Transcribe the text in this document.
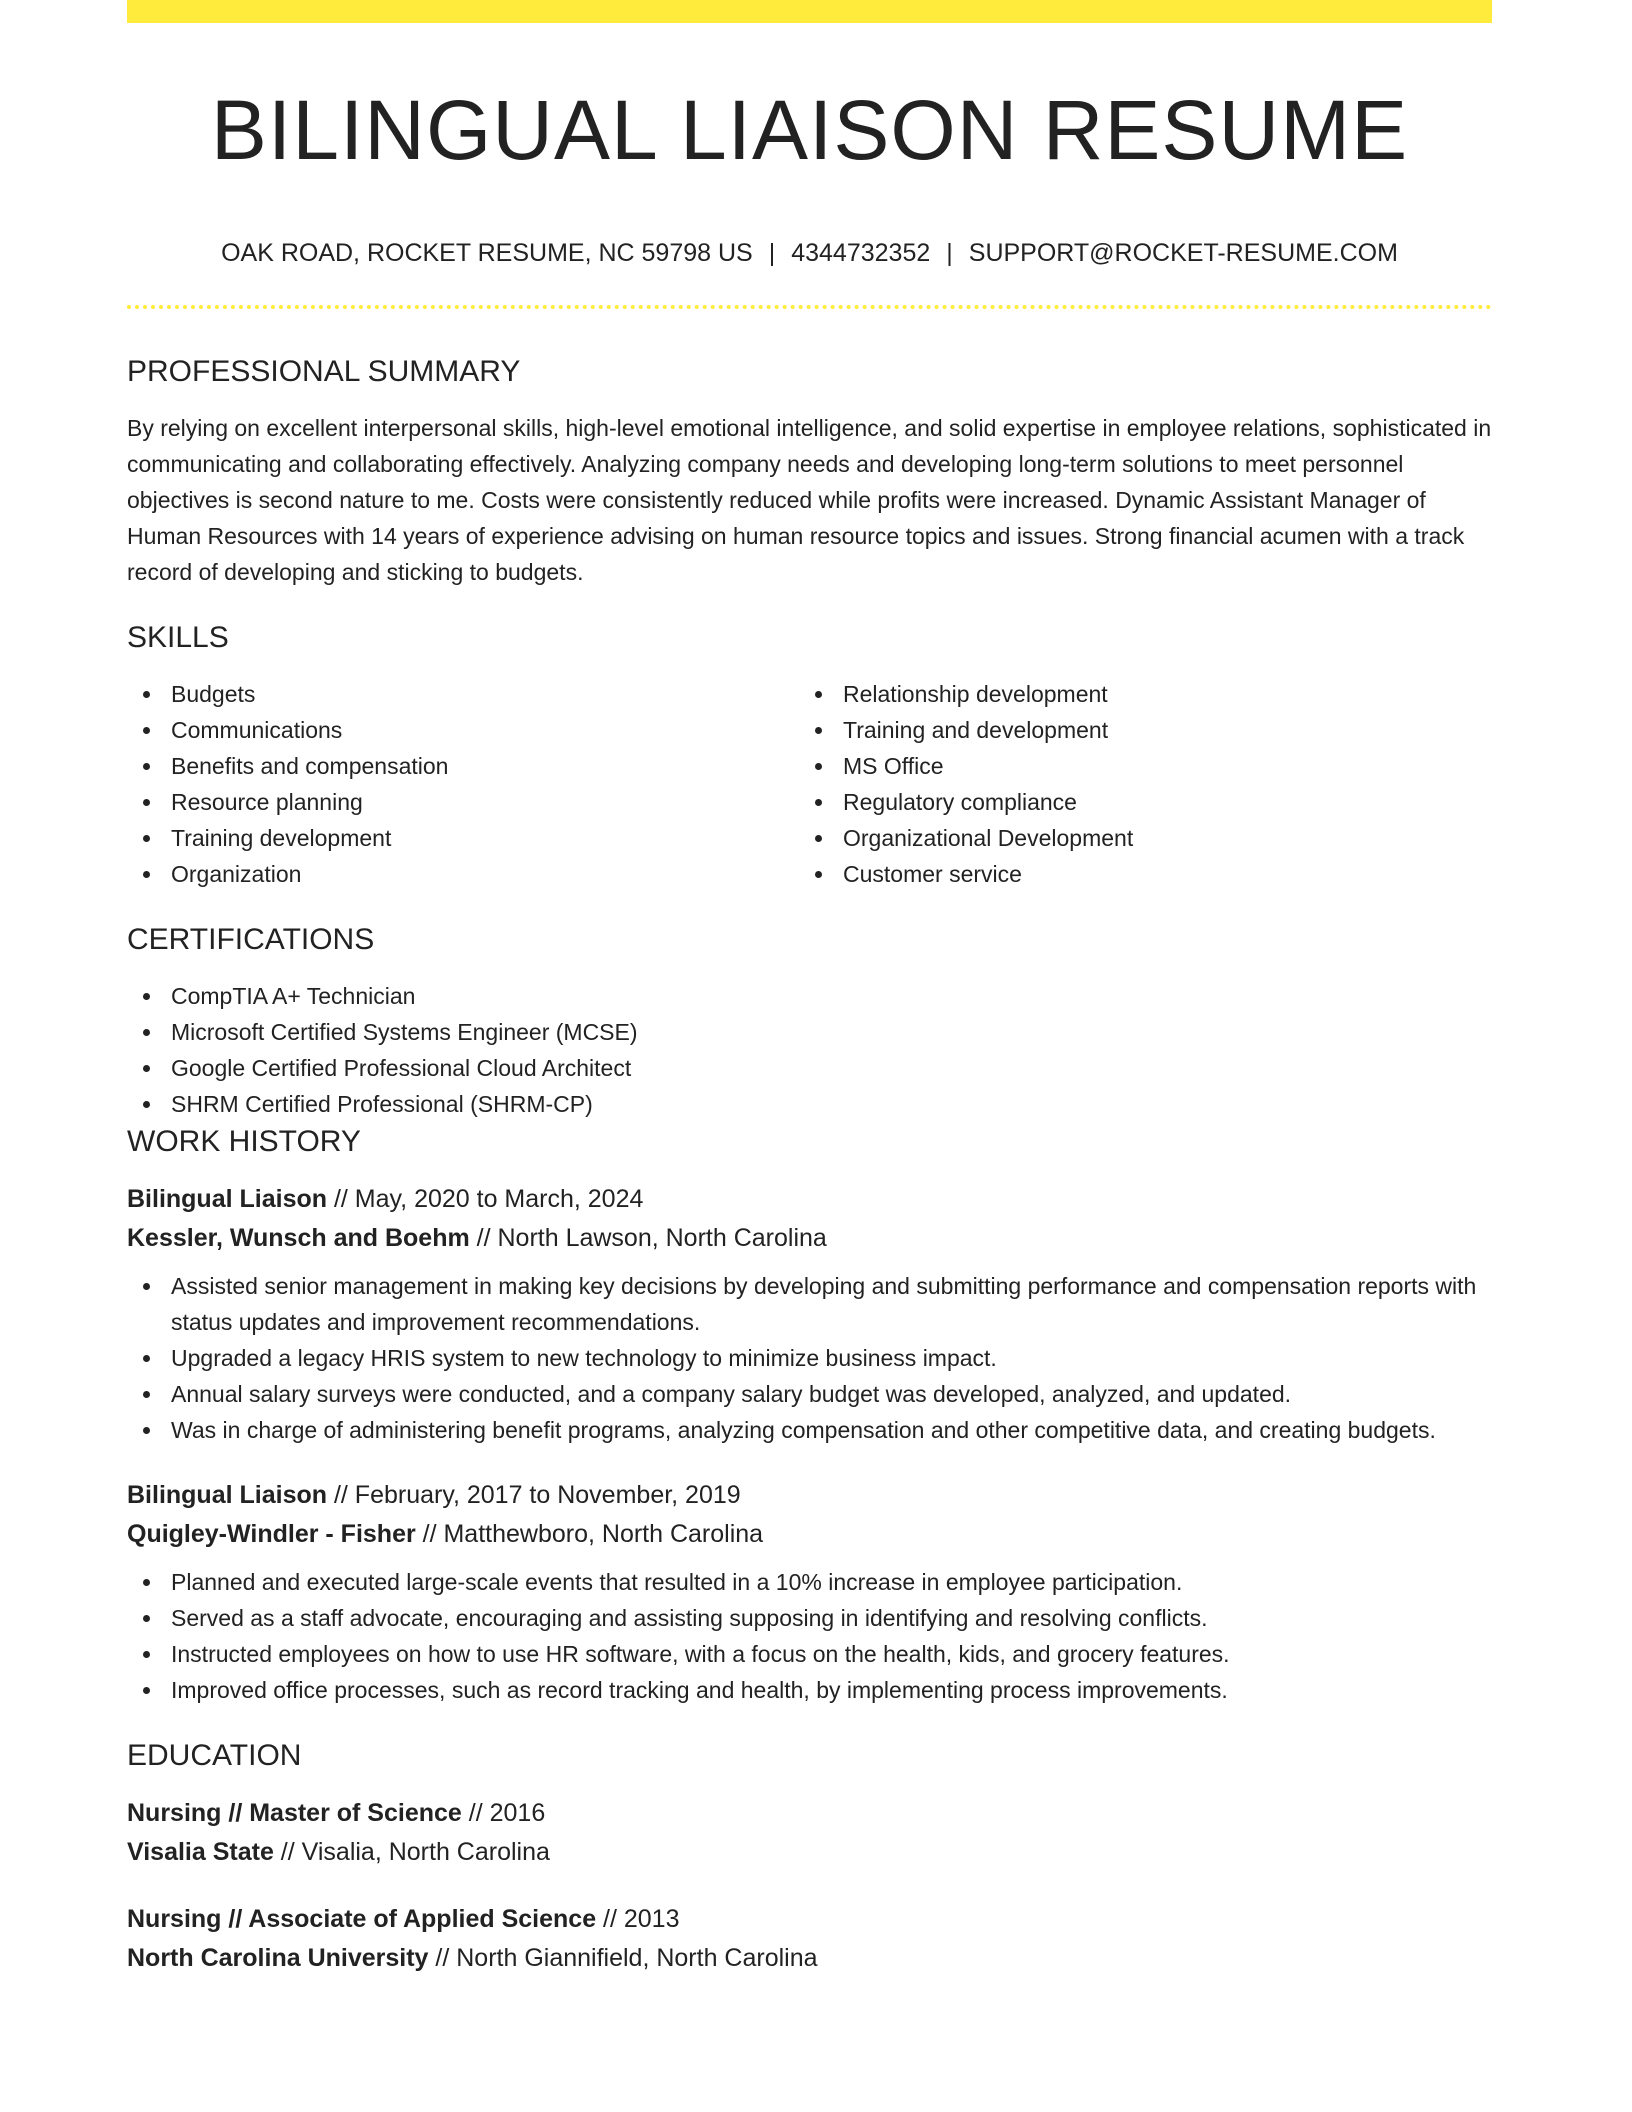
BILINGUAL LIAISON RESUME
OAK ROAD, ROCKET RESUME, NC 59798 US | 4344732352 | SUPPORT@ROCKET-RESUME.COM
PROFESSIONAL SUMMARY

By relying on excellent interpersonal skills, high-level emotional intelligence, and solid expertise in employee relations, sophisticated in communicating and collaborating effectively. Analyzing company needs and developing long-term solutions to meet personnel objectives is second nature to me. Costs were consistently reduced while profits were increased. Dynamic Assistant Manager of Human Resources with 14 years of experience advising on human resource topics and issues. Strong financial acumen with a track record of developing and sticking to budgets.

SKILLS
Budgets
Communications
Benefits and compensation
Resource planning
Training development
Organization
Relationship development
Training and development
MS Office
Regulatory compliance
Organizational Development
Customer service
CERTIFICATIONS
CompTIA A+ Technician
Microsoft Certified Systems Engineer (MCSE)
Google Certified Professional Cloud Architect
SHRM Certified Professional (SHRM-CP)
WORK HISTORY
Bilingual Liaison // May, 2020 to March, 2024
Kessler, Wunsch and Boehm // North Lawson, North Carolina
Assisted senior management in making key decisions by developing and submitting performance and compensation reports with status updates and improvement recommendations.
Upgraded a legacy HRIS system to new technology to minimize business impact.
Annual salary surveys were conducted, and a company salary budget was developed, analyzed, and updated.
Was in charge of administering benefit programs, analyzing compensation and other competitive data, and creating budgets.
Bilingual Liaison // February, 2017 to November, 2019
Quigley-Windler - Fisher // Matthewboro, North Carolina
Planned and executed large-scale events that resulted in a 10% increase in employee participation.
Served as a staff advocate, encouraging and assisting supposing in identifying and resolving conflicts.
Instructed employees on how to use HR software, with a focus on the health, kids, and grocery features.
Improved office processes, such as record tracking and health, by implementing process improvements.
EDUCATION
Nursing // Master of Science // 2016
Visalia State // Visalia, North Carolina
Nursing // Associate of Applied Science // 2013
North Carolina University // North Giannifield, North Carolina
